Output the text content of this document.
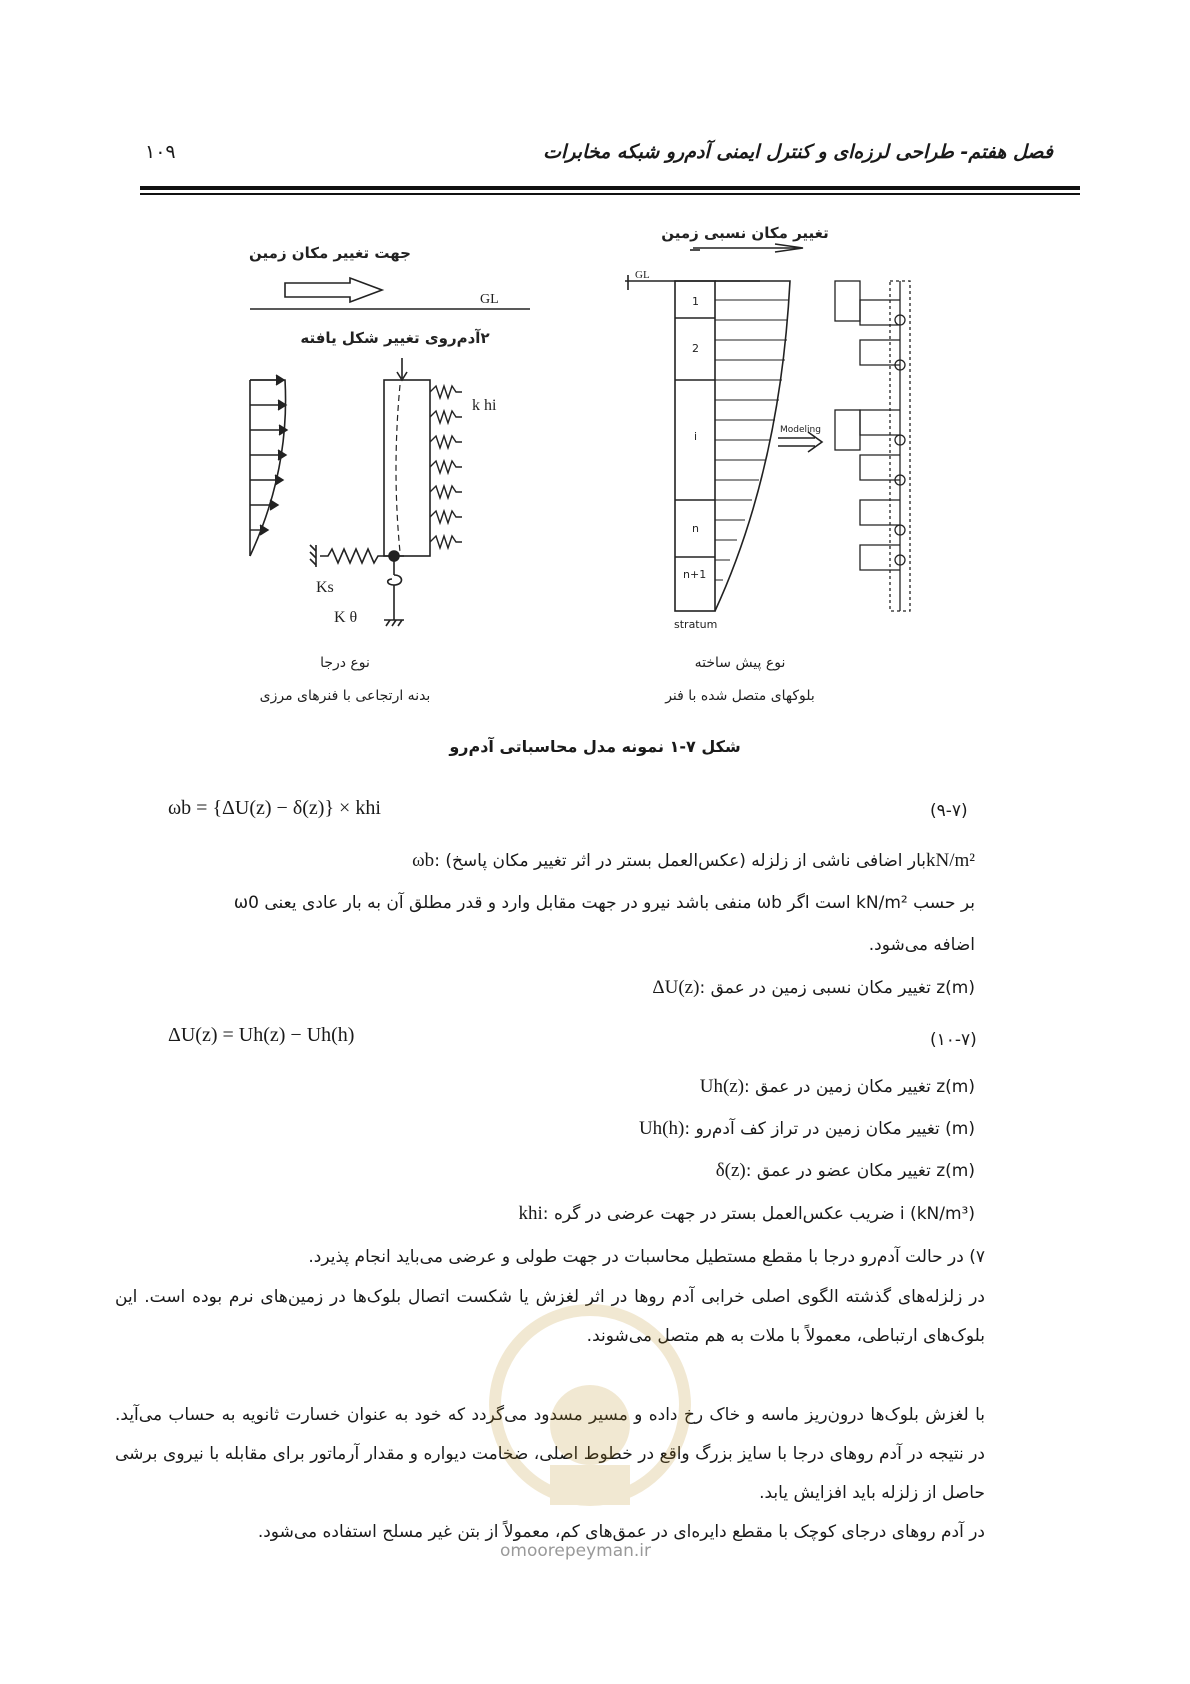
فصل هفتم- طراحی لرزه‌ای و کنترل ایمنی آدم‌رو شبکه مخابرات
۱۰۹
جهت تغییر مکان زمین
GL
۲آدم‌روی تغییر شکل یافته
k hi
Ks
K θ
نوع درجا
بدنه ارتجاعی با فنرهای مرزی
تغییر مکان نسبی زمین
GL
1
2
i
n
n+1
stratum
Modeling
نوع پیش ساخته
بلوکهای متصل شده با فنر
شکل ۷-۱ نمونه مدل محاسباتی آدم‌رو
ωb = {ΔU(z) − δ(z)} × khi	(۹-۷)
ωb: بار اضافی ناشی از زلزله (عکس‌العمل بستر در اثر تغییر مکان پاسخ)kN/m²
بر حسب kN/m² است اگر ωb منفی باشد نیرو در جهت مقابل وارد و قدر مطلق آن به بار عادی یعنی ω0
اضافه می‌شود.
ΔU(z): تغییر مکان نسبی زمین در عمق z(m)
ΔU(z) = Uh(z) − Uh(h)	(۱۰-۷)
Uh(z): تغییر مکان زمین در عمق z(m)
Uh(h): تغییر مکان زمین در تراز کف آدم‌رو (m)
δ(z): تغییر مکان عضو در عمق z(m)
khi: ضریب عکس‌العمل بستر در جهت عرضی در گره i (kN/m³)
۷) در حالت آدم‌رو درجا با مقطع مستطیل محاسبات در جهت طولی و عرضی می‌باید انجام پذیرد.
در زلزله‌های گذشته الگوی اصلی خرابی آدم روها در اثر لغزش یا شکست اتصال بلوک‌ها در زمین‌های نرم بوده است. این بلوک‌های ارتباطی، معمولاً با ملات به هم متصل می‌شوند.
با لغزش بلوک‌ها درون‌ریز ماسه و خاک رخ داده و مسیر مسدود می‌گردد که خود به عنوان خسارت ثانویه به حساب می‌آید. در نتیجه در آدم روهای درجا با سایز بزرگ واقع در خطوط اصلی، ضخامت دیواره و مقدار آرماتور برای مقابله با نیروی برشی حاصل از زلزله باید افزایش یابد.
در آدم روهای درجای کوچک با مقطع دایره‌ای در عمق‌های کم، معمولاً از بتن غیر مسلح استفاده می‌شود.
omoorepeyman.ir
